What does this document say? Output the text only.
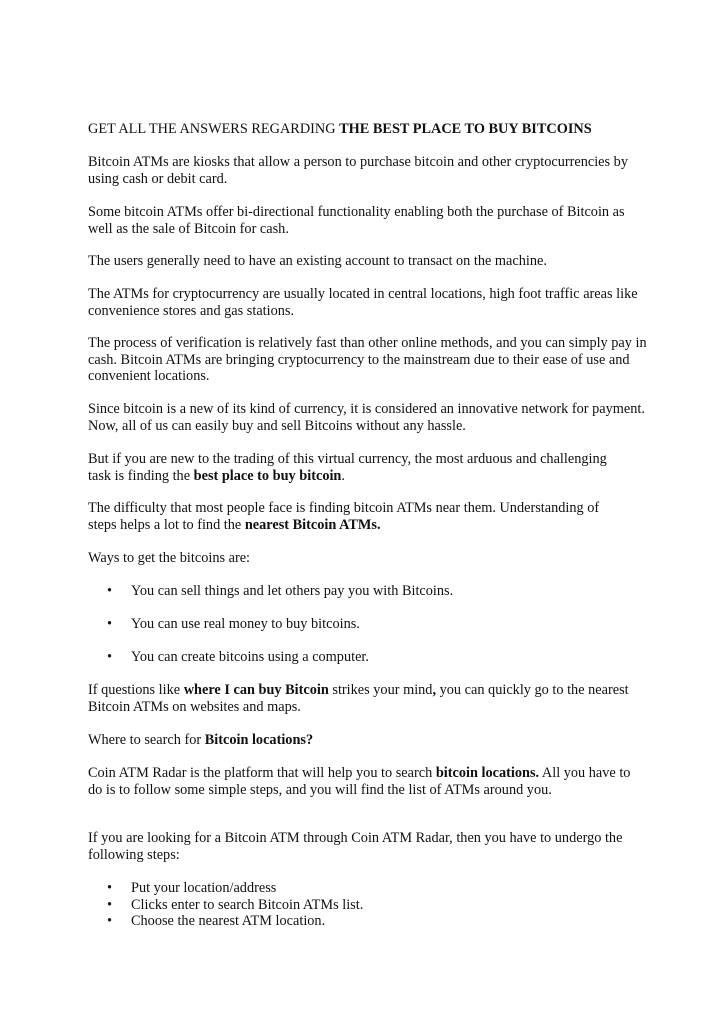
GET ALL THE ANSWERS REGARDING THE BEST PLACE TO BUY BITCOINS

Bitcoin ATMs are kiosks that allow a person to purchase bitcoin and other cryptocurrencies by using cash or debit card.

Some bitcoin ATMs offer bi-directional functionality enabling both the purchase of Bitcoin as well as the sale of Bitcoin for cash.

The users generally need to have an existing account to transact on the machine.

The ATMs for cryptocurrency are usually located in central locations, high foot traffic areas like convenience stores and gas stations.

The process of verification is relatively fast than other online methods, and you can simply pay in cash. Bitcoin ATMs are bringing cryptocurrency to the mainstream due to their ease of use and convenient locations.

Since bitcoin is a new of its kind of currency, it is considered an innovative network for payment. Now, all of us can easily buy and sell Bitcoins without any hassle.

But if you are new to the trading of this virtual currency, the most arduous and challenging task is finding the best place to buy bitcoin.

The difficulty that most people face is finding bitcoin ATMs near them. Understanding of steps helps a lot to find the nearest Bitcoin ATMs.

Ways to get the bitcoins are:

• You can sell things and let others pay you with Bitcoins.
• You can use real money to buy bitcoins.
• You can create bitcoins using a computer.

If questions like where I can buy Bitcoin strikes your mind, you can quickly go to the nearest Bitcoin ATMs on websites and maps.

Where to search for Bitcoin locations?

Coin ATM Radar is the platform that will help you to search bitcoin locations. All you have to do is to follow some simple steps, and you will find the list of ATMs around you.

If you are looking for a Bitcoin ATM through Coin ATM Radar, then you have to undergo the following steps:

• Put your location/address
• Clicks enter to search Bitcoin ATMs list.
• Choose the nearest ATM location.
